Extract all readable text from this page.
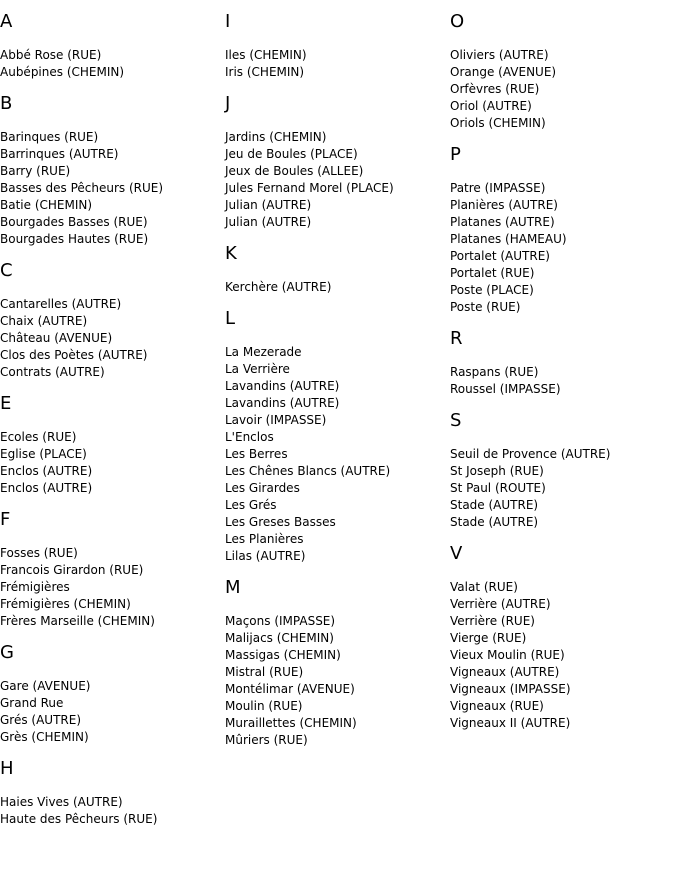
A
Abbé Rose (RUE)
Aubépines (CHEMIN)
B
Barinques (RUE)
Barrinques (AUTRE)
Barry (RUE)
Basses des Pêcheurs (RUE)
Batie (CHEMIN)
Bourgades Basses (RUE)
Bourgades Hautes (RUE)
C
Cantarelles (AUTRE)
Chaix (AUTRE)
Château (AVENUE)
Clos des Poètes (AUTRE)
Contrats (AUTRE)
E
Ecoles (RUE)
Eglise (PLACE)
Enclos (AUTRE)
Enclos (AUTRE)
F
Fosses (RUE)
Francois Girardon (RUE)
Frémigières
Frémigières (CHEMIN)
Frères Marseille (CHEMIN)
G
Gare (AVENUE)
Grand Rue
Grés (AUTRE)
Grès (CHEMIN)
H
Haies Vives (AUTRE)
Haute des Pêcheurs (RUE)
I
Iles (CHEMIN)
Iris (CHEMIN)
J
Jardins (CHEMIN)
Jeu de Boules (PLACE)
Jeux de Boules (ALLEE)
Jules Fernand Morel (PLACE)
Julian (AUTRE)
Julian (AUTRE)
K
Kerchère (AUTRE)
L
La Mezerade
La Verrière
Lavandins (AUTRE)
Lavandins (AUTRE)
Lavoir (IMPASSE)
L'Enclos
Les Berres
Les Chênes Blancs (AUTRE)
Les Girardes
Les Grés
Les Greses Basses
Les Planières
Lilas (AUTRE)
M
Maçons (IMPASSE)
Malijacs (CHEMIN)
Massigas (CHEMIN)
Mistral (RUE)
Montélimar (AVENUE)
Moulin (RUE)
Muraillettes (CHEMIN)
Mûriers (RUE)
O
Oliviers (AUTRE)
Orange (AVENUE)
Orfèvres (RUE)
Oriol (AUTRE)
Oriols (CHEMIN)
P
Patre (IMPASSE)
Planières (AUTRE)
Platanes (AUTRE)
Platanes (HAMEAU)
Portalet (AUTRE)
Portalet (RUE)
Poste (PLACE)
Poste (RUE)
R
Raspans (RUE)
Roussel (IMPASSE)
S
Seuil de Provence (AUTRE)
St Joseph (RUE)
St Paul (ROUTE)
Stade (AUTRE)
Stade (AUTRE)
V
Valat (RUE)
Verrière (AUTRE)
Verrière (RUE)
Vierge (RUE)
Vieux Moulin (RUE)
Vigneaux (AUTRE)
Vigneaux (IMPASSE)
Vigneaux (RUE)
Vigneaux II (AUTRE)
